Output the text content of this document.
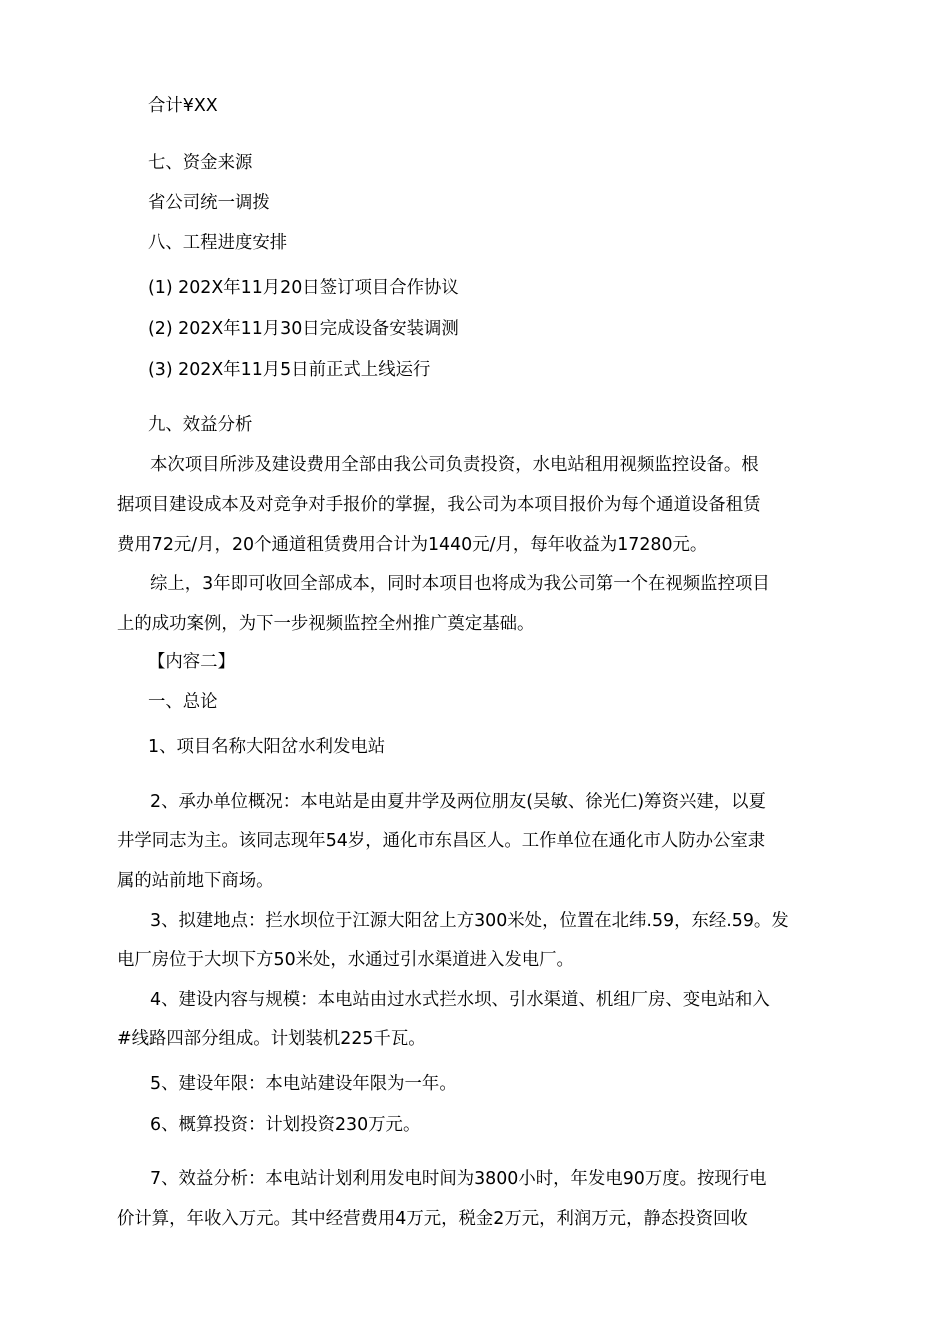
合计¥XX

七、资金来源

省公司统一调拨

八、工程进度安排

(1) 202X年11月20日签订项目合作协议

(2) 202X年11月30日完成设备安装调测

(3) 202X年11月5日前正式上线运行

九、效益分析

本次项目所涉及建设费用全部由我公司负责投资，水电站租用视频监控设备。根

据项目建设成本及对竞争对手报价的掌握，我公司为本项目报价为每个通道设备租赁

费用72元/月，20个通道租赁费用合计为1440元/月，每年收益为17280元。

综上，3年即可收回全部成本，同时本项目也将成为我公司第一个在视频监控项目

上的成功案例，为下一步视频监控全州推广奠定基础。

【内容二】

一、总论

1、项目名称大阳岔水利发电站

2、承办单位概况：本电站是由夏井学及两位朋友(吴敏、徐光仁)筹资兴建，以夏

井学同志为主。该同志现年54岁，通化市东昌区人。工作单位在通化市人防办公室隶

属的站前地下商场。

3、拟建地点：拦水坝位于江源大阳岔上方300米处，位置在北纬.59，东经.59。发

电厂房位于大坝下方50米处，水通过引水渠道进入发电厂。

4、建设内容与规模：本电站由过水式拦水坝、引水渠道、机组厂房、变电站和入

#线路四部分组成。计划装机225千瓦。

5、建设年限：本电站建设年限为一年。

6、概算投资：计划投资230万元。

7、效益分析：本电站计划利用发电时间为3800小时，年发电90万度。按现行电

价计算，年收入万元。其中经营费用4万元，税金2万元，利润万元，静态投资回收
